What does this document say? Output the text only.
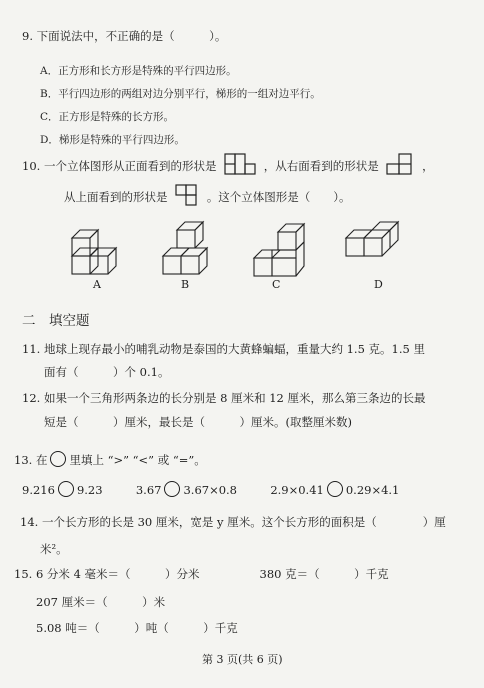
9. 下面说法中，不正确的是（　　　）。
A．正方形和长方形是特殊的平行四边形。
B．平行四边形的两组对边分别平行，梯形的一组对边平行。
C．正方形是特殊的长方形。
D．梯形是特殊的平行四边形。
10. 一个立体图形从正面看到的形状是	，从右面看到的形状是	，
从上面看到的形状是	。这个立体图形是（　　）。
A	B	C	D
二　填空题
11. 地球上现存最小的哺乳动物是泰国的大黄蜂蝙蝠，重量大约 1.5 克。1.5 里
面有（　　　）个 0.1。
12. 如果一个三角形两条边的长分别是 8 厘米和 12 厘米，那么第三条边的长最
短是（　　　）厘米，最长是（　　　）厘米。(取整厘米数)
13. 在 里填上 “>” “<” 或 “=”。
9.216 9.23	3.67 3.67×0.8	2.9×0.41 0.29×4.1
14. 一个长方形的长是 30 厘米，宽是 y 厘米。这个长方形的面积是（　　　　）厘
米²。
15. 6 分米 4 毫米＝（　　　）分米	380 克＝（　　　）千克
207 厘米＝（　　　）米
5.08 吨＝（　　　）吨（　　　）千克
第 3 页(共 6 页)
